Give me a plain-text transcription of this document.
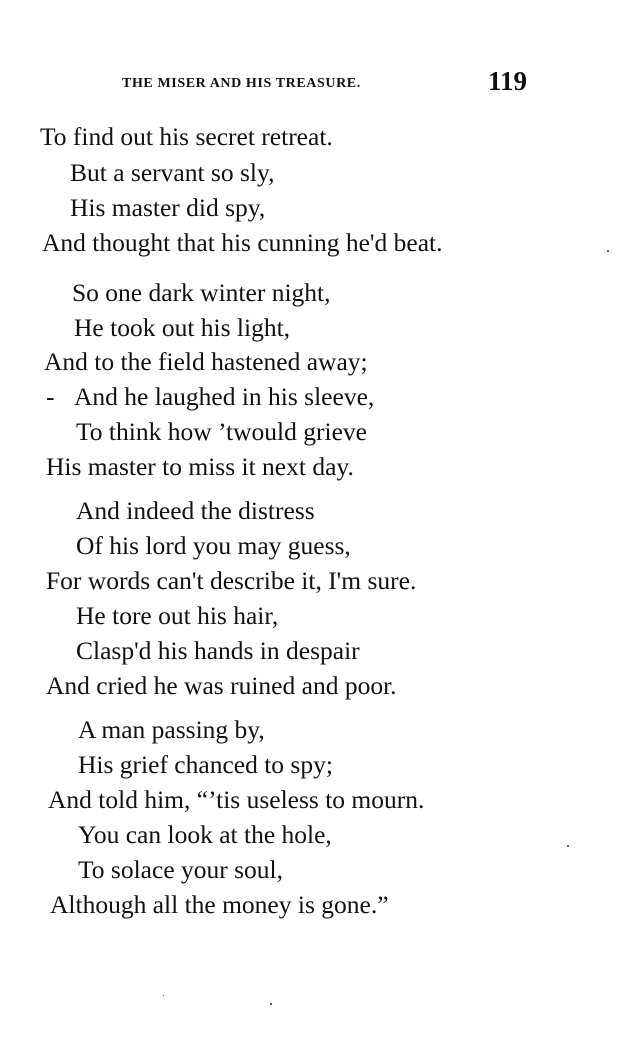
THE MISER AND HIS TREASURE.	119
To find out his secret retreat.
But a servant so sly,
His master did spy,
And thought that his cunning he'd beat.
So one dark winter night,
He took out his light,
And to the field hastened away;
- And he laughed in his sleeve,
To think how ’twould grieve
His master to miss it next day.
And indeed the distress
Of his lord you may guess,
For words can't describe it, I'm sure.
He tore out his hair,
Clasp'd his hands in despair
And cried he was ruined and poor.
A man passing by,
His grief chanced to spy;
And told him, “’tis useless to mourn.
You can look at the hole,
To solace your soul,
Although all the money is gone.”
